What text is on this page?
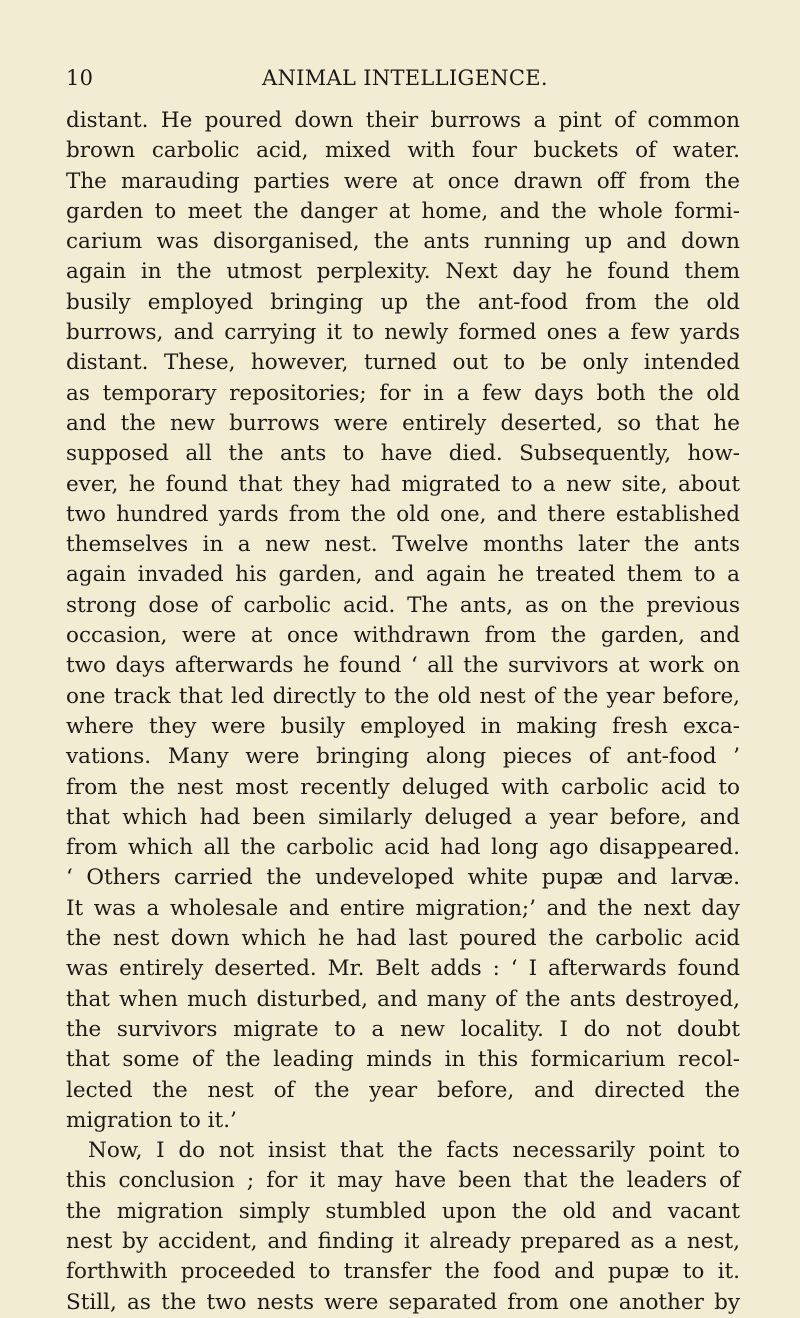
10	ANIMAL INTELLIGENCE.
distant. He poured down their burrows a pint of common
brown carbolic acid, mixed with four buckets of water.
The marauding parties were at once drawn off from the
garden to meet the danger at home, and the whole formi-
carium was disorganised, the ants running up and down
again in the utmost perplexity. Next day he found them
busily employed bringing up the ant-food from the old
burrows, and carrying it to newly formed ones a few yards
distant. These, however, turned out to be only intended
as temporary repositories; for in a few days both the old
and the new burrows were entirely deserted, so that he
supposed all the ants to have died. Subsequently, how-
ever, he found that they had migrated to a new site, about
two hundred yards from the old one, and there established
themselves in a new nest. Twelve months later the ants
again invaded his garden, and again he treated them to a
strong dose of carbolic acid. The ants, as on the previous
occasion, were at once withdrawn from the garden, and
two days afterwards he found ‘ all the survivors at work on
one track that led directly to the old nest of the year before,
where they were busily employed in making fresh exca-
vations. Many were bringing along pieces of ant-food ’
from the nest most recently deluged with carbolic acid to
that which had been similarly deluged a year before, and
from which all the carbolic acid had long ago disappeared.
‘ Others carried the undeveloped white pupæ and larvæ.
It was a wholesale and entire migration;’ and the next day
the nest down which he had last poured the carbolic acid
was entirely deserted. Mr. Belt adds : ‘ I afterwards found
that when much disturbed, and many of the ants destroyed,
the survivors migrate to a new locality. I do not doubt
that some of the leading minds in this formicarium recol-
lected the nest of the year before, and directed the
migration to it.’
Now, I do not insist that the facts necessarily point to
this conclusion ; for it may have been that the leaders of
the migration simply stumbled upon the old and vacant
nest by accident, and finding it already prepared as a nest,
forthwith proceeded to transfer the food and pupæ to it.
Still, as the two nests were separated from one another by
